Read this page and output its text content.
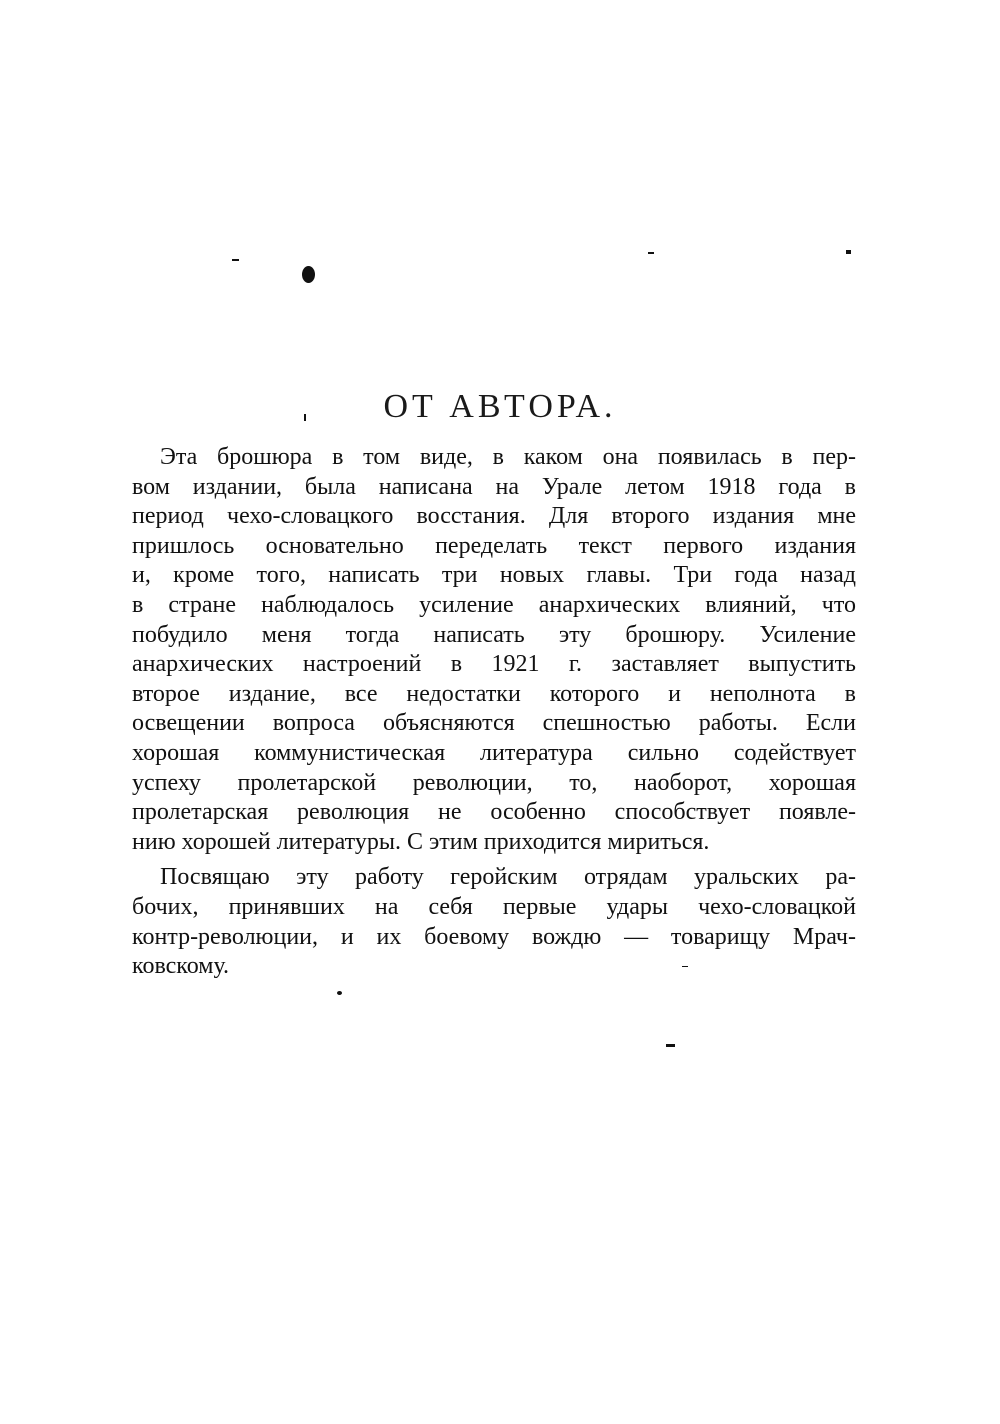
ОТ АВТОРА.

Эта брошюра в том виде, в каком она появилась в пер-
вом издании, была написана на Урале летом 1918 года в
период чехо-словацкого восстания. Для второго издания мне
пришлось основательно переделать текст первого издания
и, кроме того, написать три новых главы. Три года назад
в стране наблюдалось усиление анархических влияний, что
побудило меня тогда написать эту брошюру. Усиление
анархических настроений в 1921 г. заставляет выпустить
второе издание, все недостатки которого и неполнота в
освещении вопроса объясняются спешностью работы. Если
хорошая коммунистическая литература сильно содействует
успеху пролетарской революции, то, наоборот, хорошая
пролетарская революция не особенно способствует появле-
нию хорошей литературы. С этим приходится мириться.

Посвящаю эту работу геройским отрядам уральских ра-
бочих, принявших на себя первые удары чехо-словацкой
контр-революции, и их боевому вождю — товарищу Мрач-
ковскому.
